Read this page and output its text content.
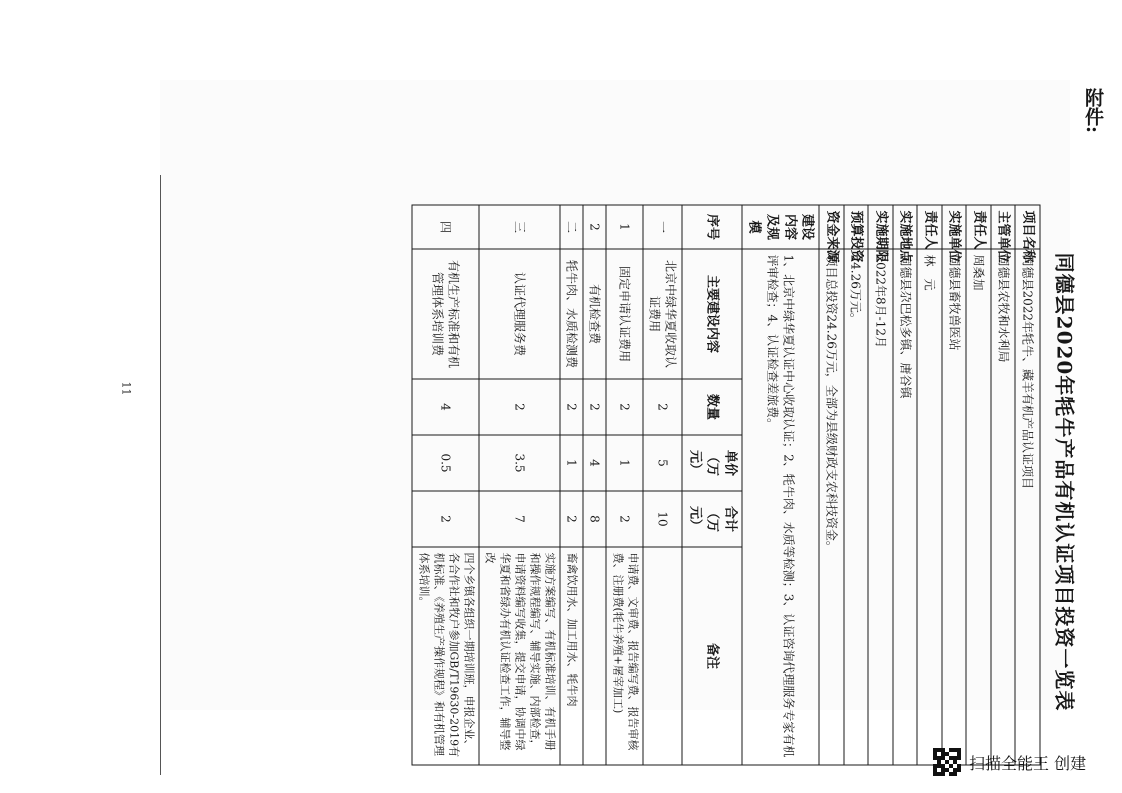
11	同德县2020年牦牛产品有机认证项目投资一览表
项目名称	同德县2022年牦牛、藏羊有机产品认证项目				
主管单位	同德县农牧和水利局				
责任人	周桑加				
实施单位	同德县畜牧兽医站				
责任人	林　元				
实施地点	同德县尕巴松多镇、唐谷镇				
实施期限	2022年8月-12月				
预算投资	24.26万元。				
资金来源	项目总投资24.26万元，全部为县级财政支农科技资金。				
建设内容及规模	1、北京中绿华夏认证中心收取认证；2、牦牛肉、水质等检测；3、认证咨询代理服务专家有机评审检查；4、认证检查差旅费。				
序号	主要建设内容	数量	单价（万元）	合计（万元）	备注
一	北京中绿华夏收取认证费用	2	5	10	
1	固定申请认证费用	2	1	2	申请费、文审费、报告编写费、报告审核费、注册费(牦牛养殖+屠宰加工)
2	有机检查费	2	4	8	
二	牦牛肉、水质检测费	2	1	2	畜禽饮用水、加工用水、牦牛肉
三	认证代理服务费	2	3.5	7	实施方案编写、有机标准培训、有机手册和操作规程编写、辅导实施、内部检查，申请资料编写收集，提交申请，协调中绿华夏和省绿办有机认证检查工作，辅导整改
四	有机生产标准和有机管理体系培训费	4	0.5	2	四个乡镇各组织一期培训班，申报企业、各合作社和牧户参加GB/T19630-2019有机标准、《养殖生产操作规程》和有机管理体系培训。
附件:
扫描全能王 创建
